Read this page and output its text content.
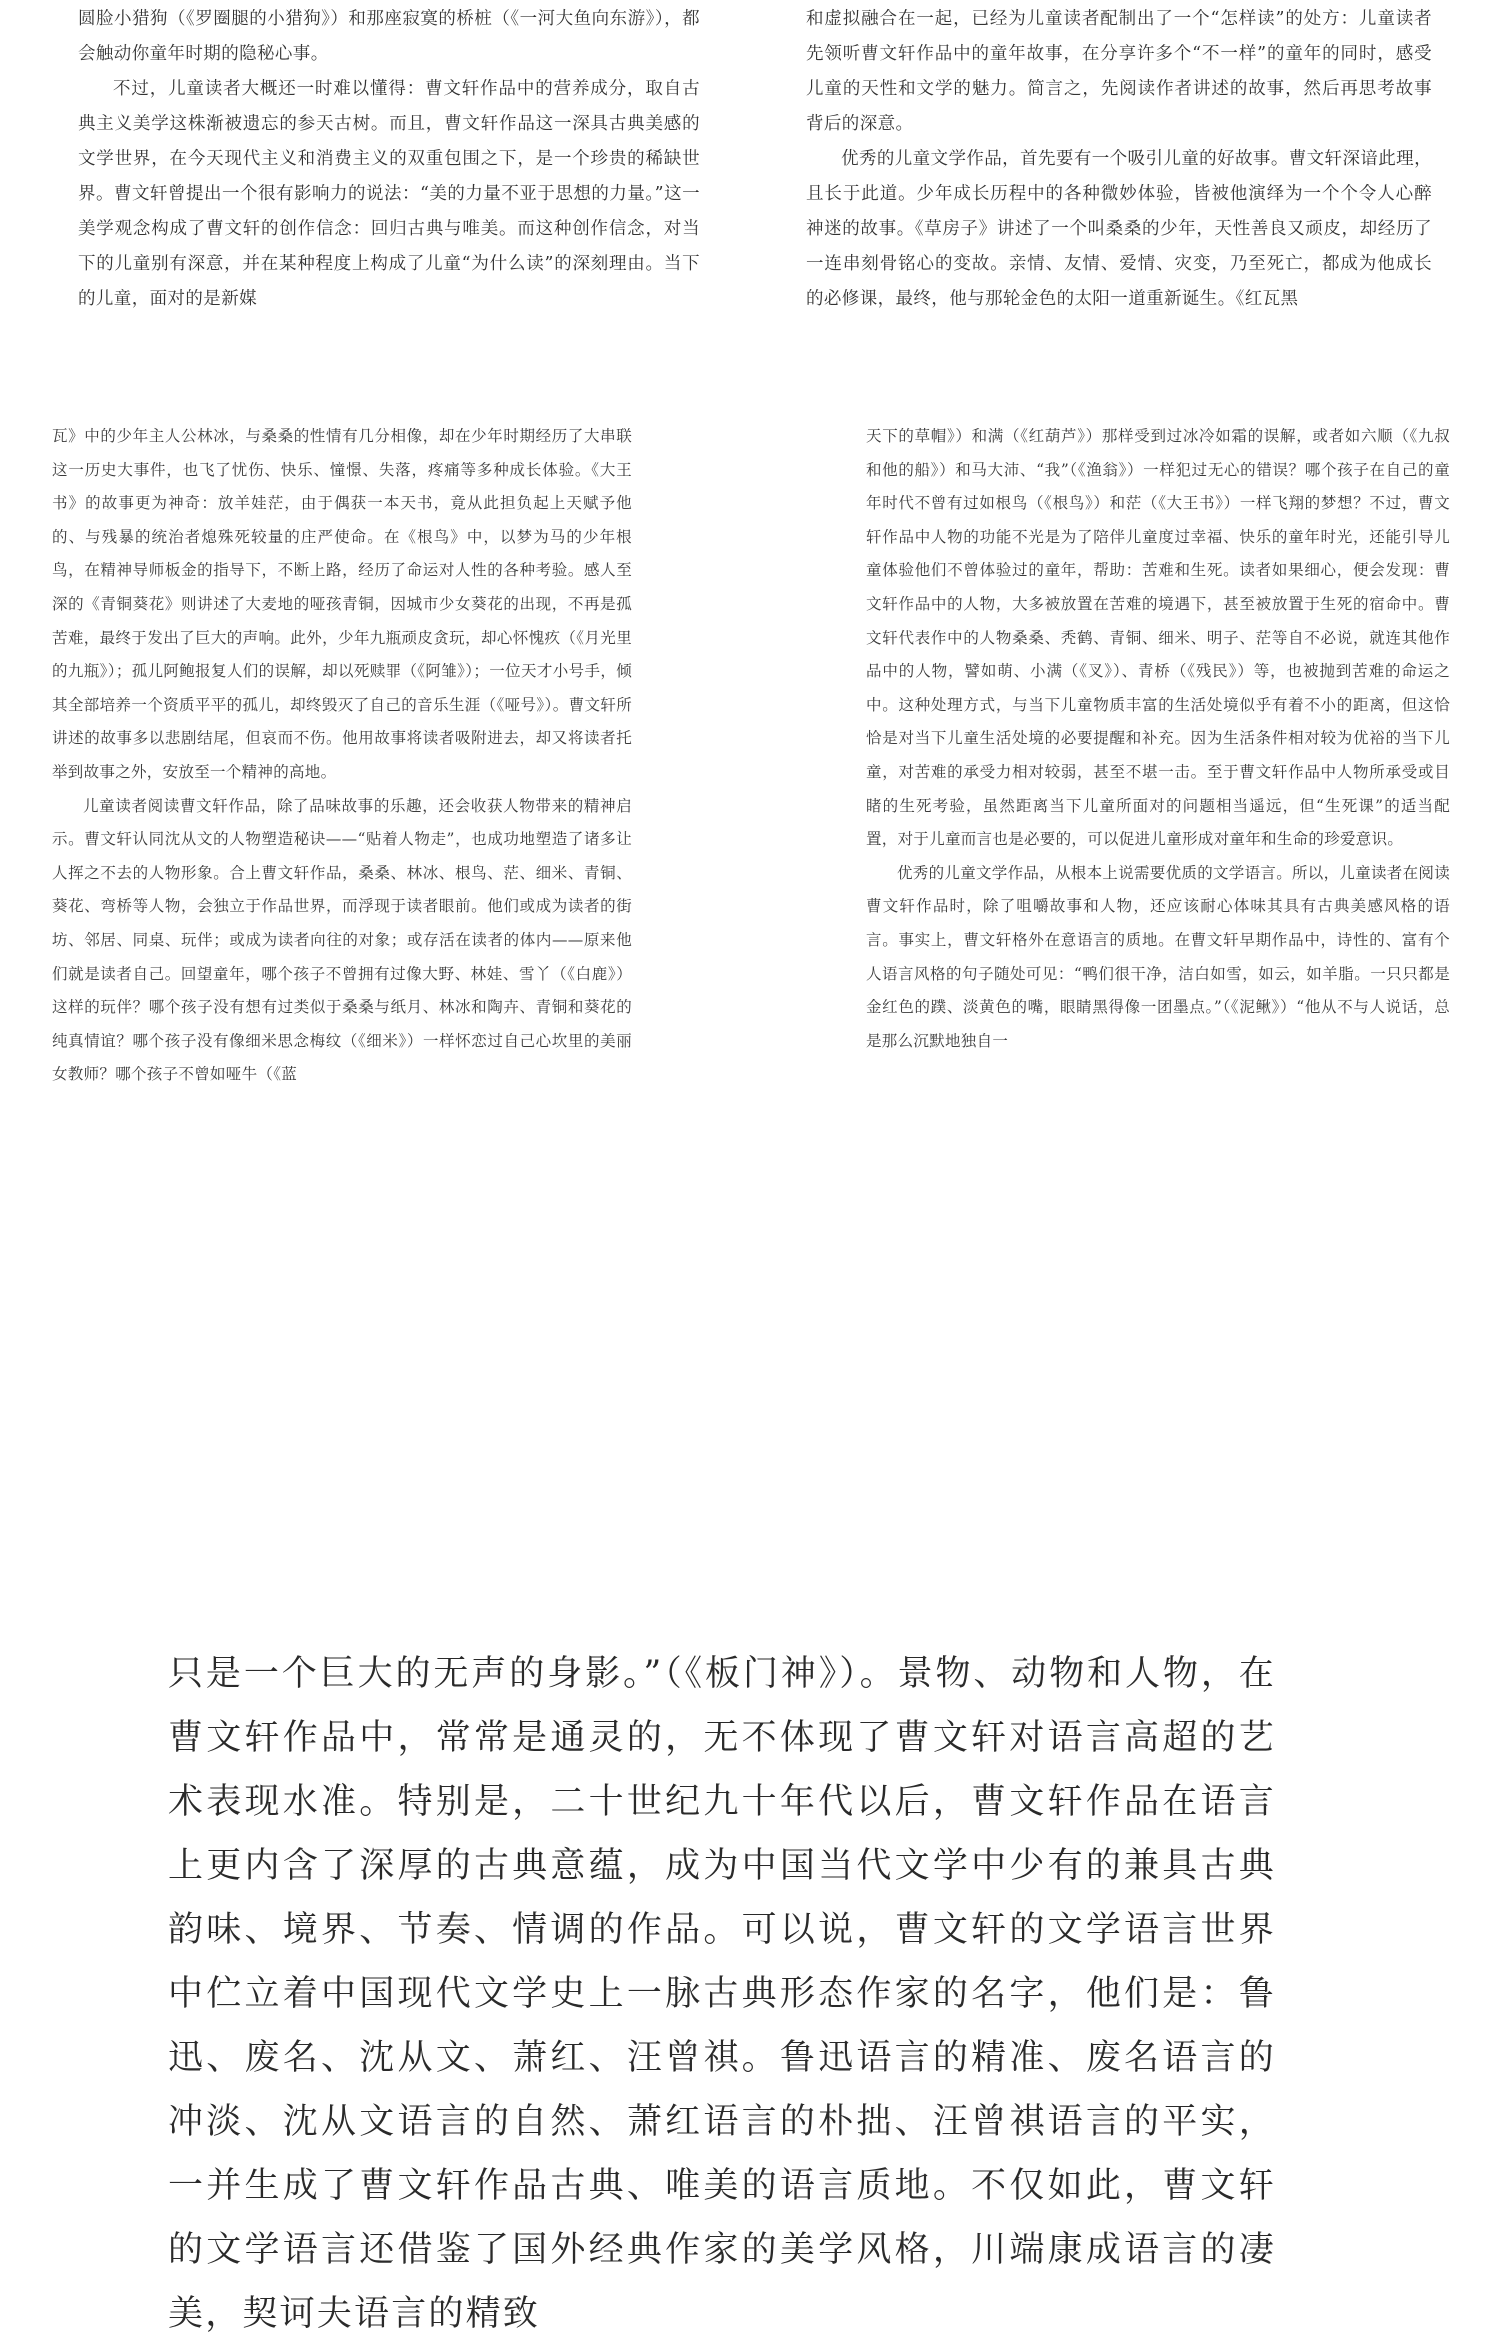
圆脸小猎狗（《罗圈腿的小猎狗》）和那座寂寞的桥桩（《一河大鱼向东游》），都会触动你童年时期的隐秘心事。

不过，儿童读者大概还一时难以懂得：曹文轩作品中的营养成分，取自古典主义美学这株渐被遗忘的参天古树。而且，曹文轩作品这一深具古典美感的文学世界，在今天现代主义和消费主义的双重包围之下，是一个珍贵的稀缺世界。曹文轩曾提出一个很有影响力的说法：“美的力量不亚于思想的力量。”这一美学观念构成了曹文轩的创作信念：回归古典与唯美。而这种创作信念，对当下的儿童别有深意，并在某种程度上构成了儿童“为什么读”的深刻理由。当下的儿童，面对的是新媒

和虚拟融合在一起，已经为儿童读者配制出了一个“怎样读”的处方：儿童读者先领听曹文轩作品中的童年故事，在分享许多个“不一样”的童年的同时，感受儿童的天性和文学的魅力。简言之，先阅读作者讲述的故事，然后再思考故事背后的深意。

优秀的儿童文学作品，首先要有一个吸引儿童的好故事。曹文轩深谙此理，且长于此道。少年成长历程中的各种微妙体验，皆被他演绎为一个个令人心醉神迷的故事。《草房子》讲述了一个叫桑桑的少年，天性善良又顽皮，却经历了一连串刻骨铭心的变故。亲情、友情、爱情、灾变，乃至死亡，都成为他成长的必修课，最终，他与那轮金色的太阳一道重新诞生。《红瓦黑

瓦》中的少年主人公林冰，与桑桑的性情有几分相像，却在少年时期经历了大串联这一历史大事件，也飞了忧伤、快乐、憧憬、失落，疼痛等多种成长体验。《大王书》的故事更为神奇：放羊娃茫，由于偶获一本天书，竟从此担负起上天赋予他的、与残暴的统治者熄殊死较量的庄严使命。在《根鸟》中，以梦为马的少年根鸟，在精神导师板金的指导下，不断上路，经历了命运对人性的各种考验。感人至深的《青铜葵花》则讲述了大麦地的哑孩青铜，因城市少女葵花的出现，不再是孤苦难，最终于发出了巨大的声响。此外，少年九瓶顽皮贪玩，却心怀愧疚（《月光里的九瓶》）；孤儿阿鲍报复人们的误解，却以死赎罪（《阿雏》）；一位天才小号手，倾其全部培养一个资质平平的孤儿，却终毁灭了自己的音乐生涯（《哑号》）。曹文轩所讲述的故事多以悲剧结尾，但哀而不伤。他用故事将读者吸附进去，却又将读者托举到故事之外，安放至一个精神的高地。

儿童读者阅读曹文轩作品，除了品味故事的乐趣，还会收获人物带来的精神启示。曹文轩认同沈从文的人物塑造秘诀——“贴着人物走”，也成功地塑造了诸多让人挥之不去的人物形象。合上曹文轩作品，桑桑、林冰、根鸟、茫、细米、青铜、葵花、弯桥等人物，会独立于作品世界，而浮现于读者眼前。他们或成为读者的街坊、邻居、同桌、玩伴；或成为读者向往的对象；或存活在读者的体内——原来他们就是读者自己。回望童年，哪个孩子不曾拥有过像大野、林娃、雪丫（《白鹿》）这样的玩伴？哪个孩子没有想有过类似于桑桑与纸月、林冰和陶卉、青铜和葵花的纯真情谊？哪个孩子没有像细米思念梅纹（《细米》）一样怀恋过自己心坎里的美丽女教师？哪个孩子不曾如哑牛（《蓝

天下的草帽》）和满（《红葫芦》）那样受到过冰冷如霜的误解，或者如六顺（《九叔和他的船》）和马大沛、“我”（《渔翁》）一样犯过无心的错误？哪个孩子在自己的童年时代不曾有过如根鸟（《根鸟》）和茫（《大王书》）一样飞翔的梦想？不过，曹文轩作品中人物的功能不光是为了陪伴儿童度过幸福、快乐的童年时光，还能引导儿童体验他们不曾体验过的童年，帮助：苦难和生死。读者如果细心，便会发现：曹文轩作品中的人物，大多被放置在苦难的境遇下，甚至被放置于生死的宿命中。曹文轩代表作中的人物桑桑、秃鹤、青铜、细米、明子、茫等自不必说，就连其他作品中的人物，譬如萌、小满（《叉》）、青桥（《残民》）等，也被抛到苦难的命运之中。这种处理方式，与当下儿童物质丰富的生活处境似乎有着不小的距离，但这恰恰是对当下儿童生活处境的必要提醒和补充。因为生活条件相对较为优裕的当下儿童，对苦难的承受力相对较弱，甚至不堪一击。至于曹文轩作品中人物所承受或目睹的生死考验，虽然距离当下儿童所面对的问题相当遥远，但“生死课”的适当配置，对于儿童而言也是必要的，可以促进儿童形成对童年和生命的珍爱意识。

优秀的儿童文学作品，从根本上说需要优质的文学语言。所以，儿童读者在阅读曹文轩作品时，除了咀嚼故事和人物，还应该耐心体味其具有古典美感风格的语言。事实上，曹文轩格外在意语言的质地。在曹文轩早期作品中，诗性的、富有个人语言风格的句子随处可见：“鸭们很干净，洁白如雪，如云，如羊脂。一只只都是金红色的蹼、淡黄色的嘴，眼睛黑得像一团墨点。”（《泥鳅》）“他从不与人说话，总是那么沉默地独自一

只是一个巨大的无声的身影。”（《板门神》）。景物、动物和人物，在曹文轩作品中，常常是通灵的，无不体现了曹文轩对语言高超的艺术表现水准。特别是，二十世纪九十年代以后，曹文轩作品在语言上更内含了深厚的古典意蕴，成为中国当代文学中少有的兼具古典韵味、境界、节奏、情调的作品。可以说，曹文轩的文学语言世界中伫立着中国现代文学史上一脉古典形态作家的名字，他们是：鲁迅、废名、沈从文、萧红、汪曾祺。鲁迅语言的精准、废名语言的冲淡、沈从文语言的自然、萧红语言的朴拙、汪曾祺语言的平实，一并生成了曹文轩作品古典、唯美的语言质地。不仅如此，曹文轩的文学语言还借鉴了国外经典作家的美学风格，川端康成语言的凄美，契诃夫语言的精致
